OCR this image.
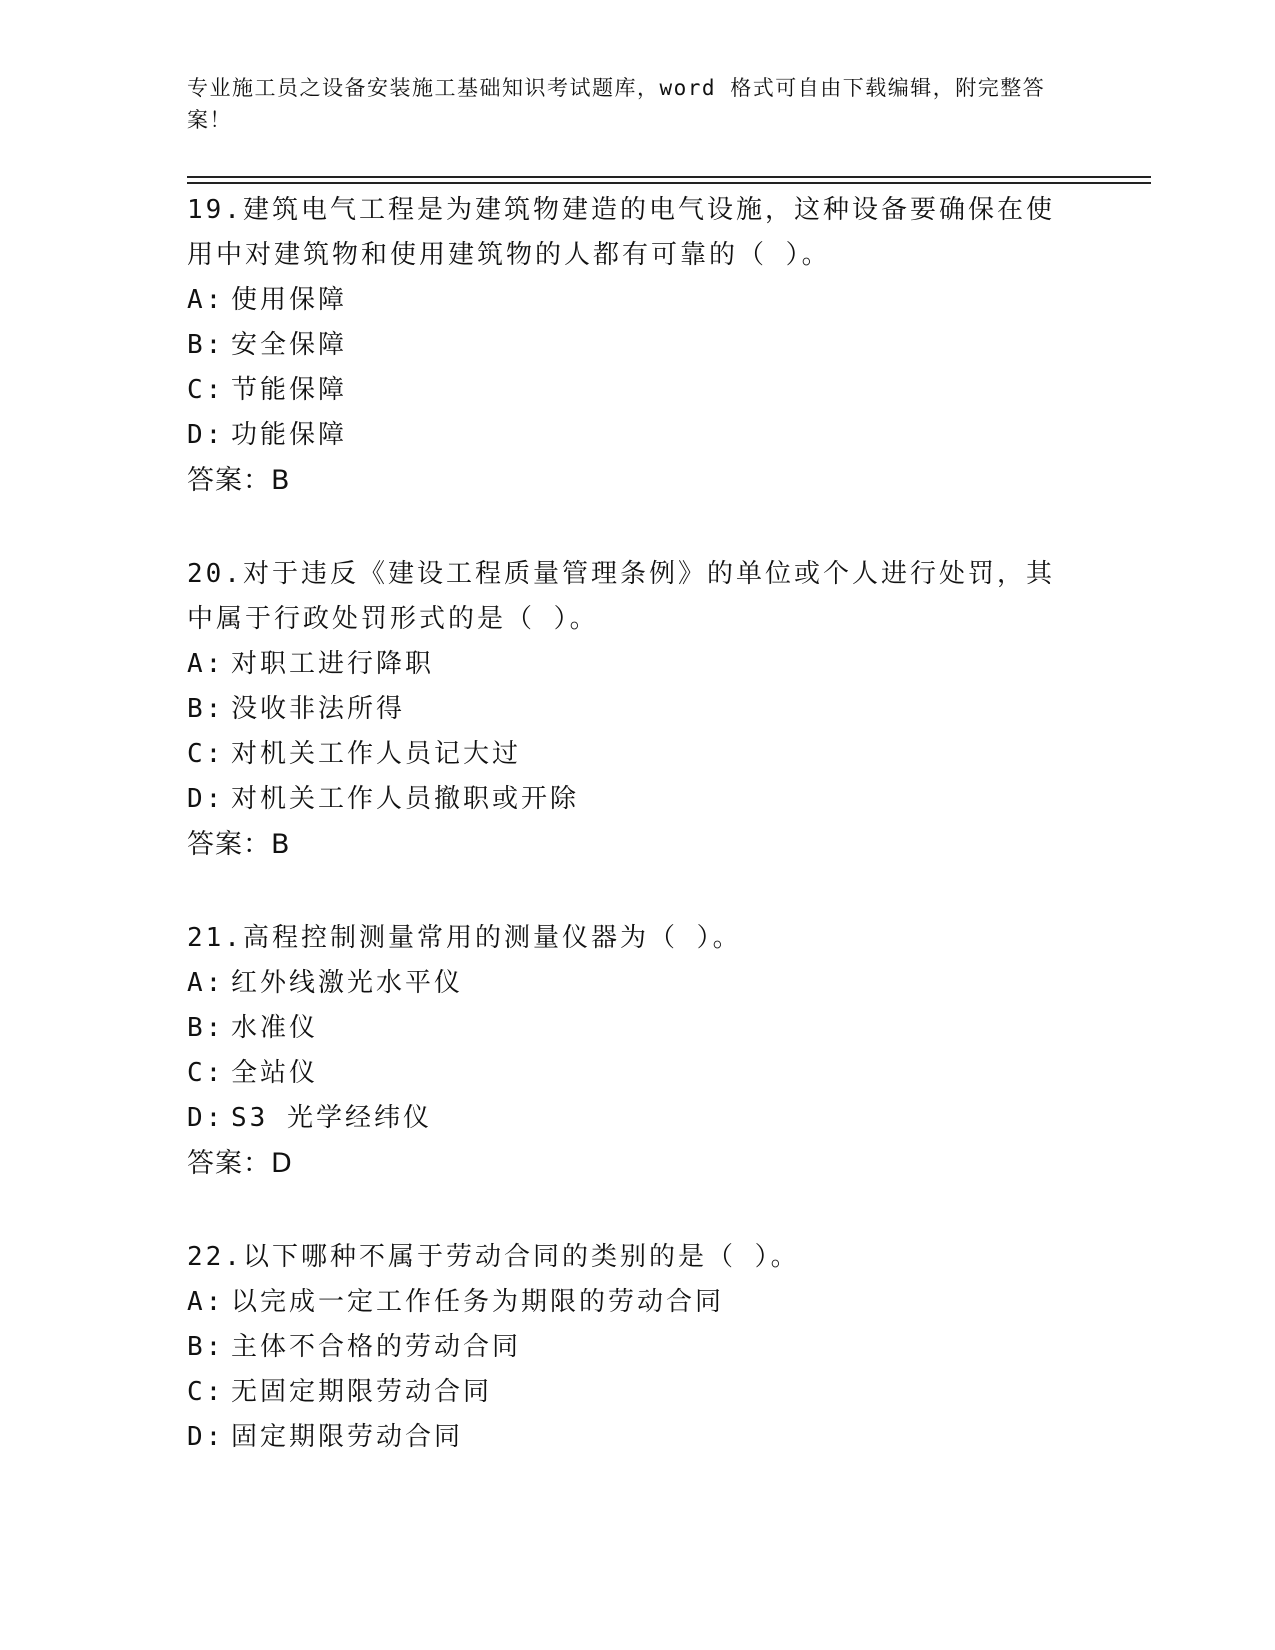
专业施工员之设备安装施工基础知识考试题库，word 格式可自由下载编辑，附完整答案！
19.建筑电气工程是为建筑物建造的电气设施，这种设备要确保在使用中对建筑物和使用建筑物的人都有可靠的（ ）。
A: 使用保障
B: 安全保障
C: 节能保障
D: 功能保障
答案：B
20.对于违反《建设工程质量管理条例》的单位或个人进行处罚，其中属于行政处罚形式的是（ ）。
A: 对职工进行降职
B: 没收非法所得
C: 对机关工作人员记大过
D: 对机关工作人员撤职或开除
答案：B
21.高程控制测量常用的测量仪器为（ ）。
A: 红外线激光水平仪
B: 水准仪
C: 全站仪
D: S3 光学经纬仪
答案：D
22.以下哪种不属于劳动合同的类别的是（ ）。
A: 以完成一定工作任务为期限的劳动合同
B: 主体不合格的劳动合同
C: 无固定期限劳动合同
D: 固定期限劳动合同
